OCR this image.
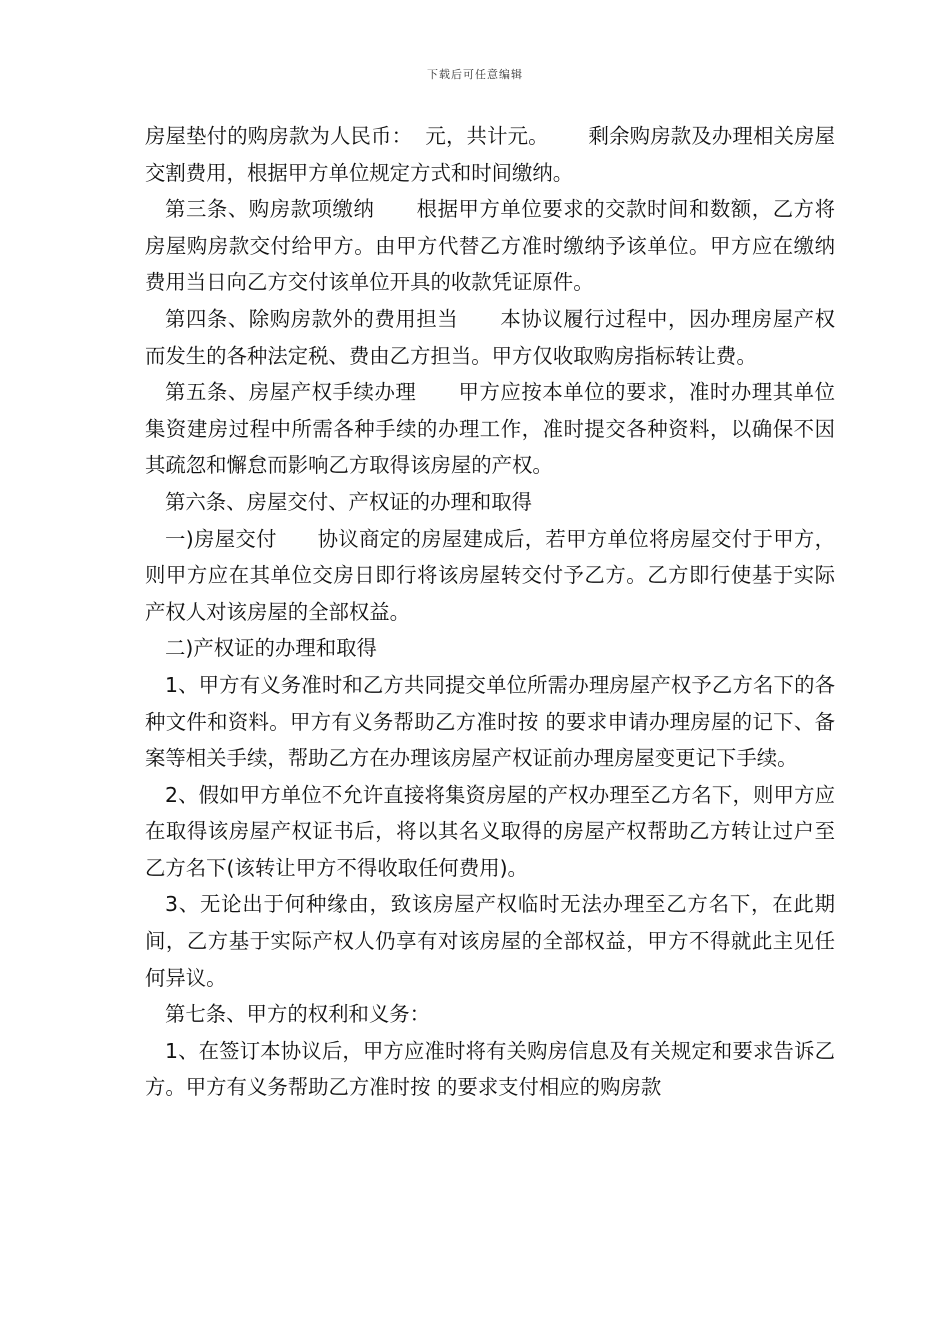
下载后可任意编辑

房屋垫付的购房款为人民币：  元，共计元。      剩余购房款及办理相关房屋交割费用，根据甲方单位规定方式和时间缴纳。

第三条、购房款项缴纳      根据甲方单位要求的交款时间和数额，乙方将房屋购房款交付给甲方。由甲方代替乙方准时缴纳予该单位。甲方应在缴纳费用当日向乙方交付该单位开具的收款凭证原件。

第四条、除购房款外的费用担当      本协议履行过程中，因办理房屋产权而发生的各种法定税、费由乙方担当。甲方仅收取购房指标转让费。

第五条、房屋产权手续办理      甲方应按本单位的要求，准时办理其单位集资建房过程中所需各种手续的办理工作，准时提交各种资料，以确保不因其疏忽和懈怠而影响乙方取得该房屋的产权。

第六条、房屋交付、产权证的办理和取得

一)房屋交付      协议商定的房屋建成后，若甲方单位将房屋交付于甲方，则甲方应在其单位交房日即行将该房屋转交付予乙方。乙方即行使基于实际产权人对该房屋的全部权益。

二)产权证的办理和取得

1、甲方有义务准时和乙方共同提交单位所需办理房屋产权予乙方名下的各种文件和资料。甲方有义务帮助乙方准时按 的要求申请办理房屋的记下、备案等相关手续，帮助乙方在办理该房屋产权证前办理房屋变更记下手续。

2、假如甲方单位不允许直接将集资房屋的产权办理至乙方名下，则甲方应在取得该房屋产权证书后，将以其名义取得的房屋产权帮助乙方转让过户至乙方名下(该转让甲方不得收取任何费用)。

3、无论出于何种缘由，致该房屋产权临时无法办理至乙方名下，在此期间，乙方基于实际产权人仍享有对该房屋的全部权益，甲方不得就此主见任何异议。

第七条、甲方的权利和义务：

1、在签订本协议后，甲方应准时将有关购房信息及有关规定和要求告诉乙方。甲方有义务帮助乙方准时按 的要求支付相应的购房款
